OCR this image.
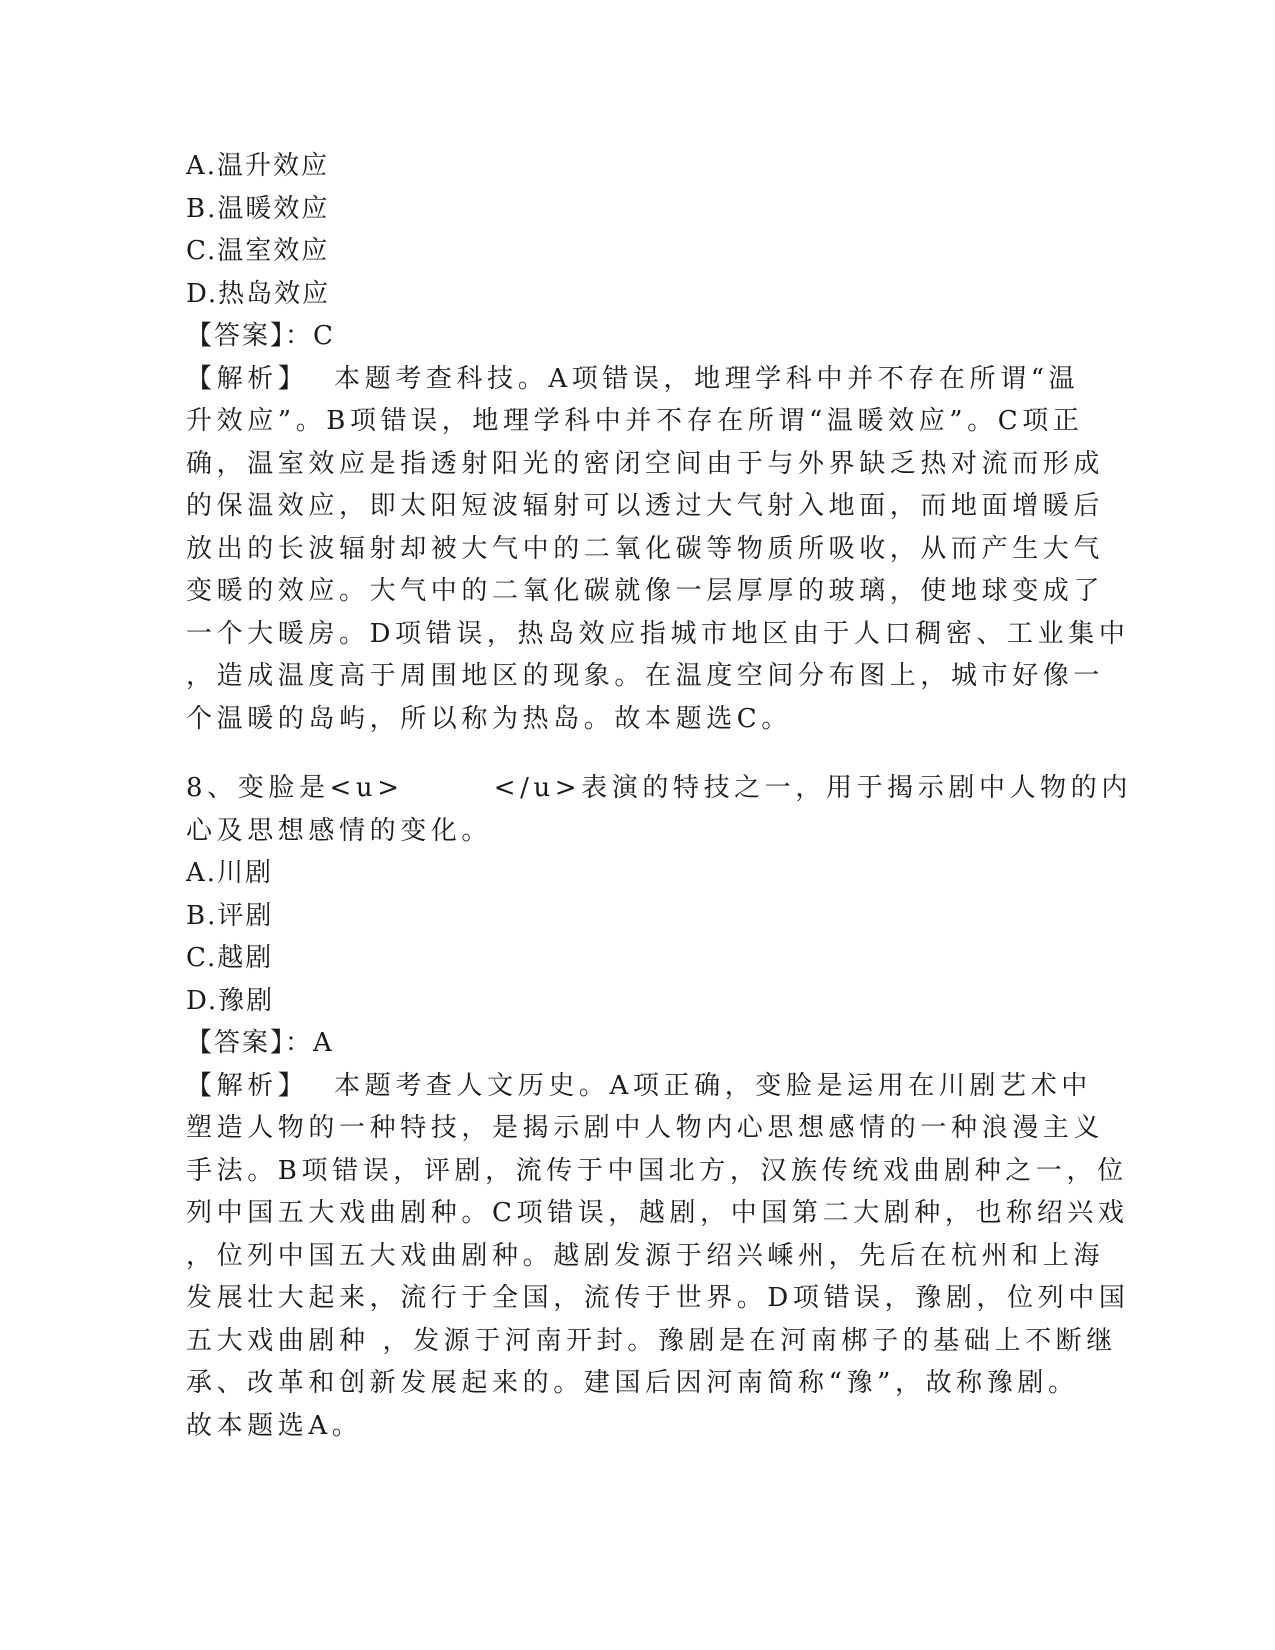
A.温升效应

B.温暖效应

C.温室效应

D.热岛效应

【答案】：C

【解析】  本题考查科技。A项错误，地理学科中并不存在所谓“温

升效应”。B项错误，地理学科中并不存在所谓“温暖效应”。C项正

确，温室效应是指透射阳光的密闭空间由于与外界缺乏热对流而形成

的保温效应，即太阳短波辐射可以透过大气射入地面，而地面增暖后

放出的长波辐射却被大气中的二氧化碳等物质所吸收，从而产生大气

变暖的效应。大气中的二氧化碳就像一层厚厚的玻璃，使地球变成了

一个大暖房。D项错误，热岛效应指城市地区由于人口稠密、工业集中

，造成温度高于周围地区的现象。在温度空间分布图上，城市好像一

个温暖的岛屿，所以称为热岛。故本题选C。

8、变脸是<u>       </u>表演的特技之一，用于揭示剧中人物的内

心及思想感情的变化。

A.川剧

B.评剧

C.越剧

D.豫剧

【答案】：A

【解析】  本题考查人文历史。A项正确，变脸是运用在川剧艺术中

塑造人物的一种特技，是揭示剧中人物内心思想感情的一种浪漫主义

手法。B项错误，评剧，流传于中国北方，汉族传统戏曲剧种之一，位

列中国五大戏曲剧种。C项错误，越剧，中国第二大剧种，也称绍兴戏

，位列中国五大戏曲剧种。越剧发源于绍兴嵊州，先后在杭州和上海

发展壮大起来，流行于全国，流传于世界。D项错误，豫剧，位列中国

五大戏曲剧种 ，发源于河南开封。豫剧是在河南梆子的基础上不断继

承、改革和创新发展起来的。建国后因河南简称“豫”，故称豫剧。

故本题选A。
